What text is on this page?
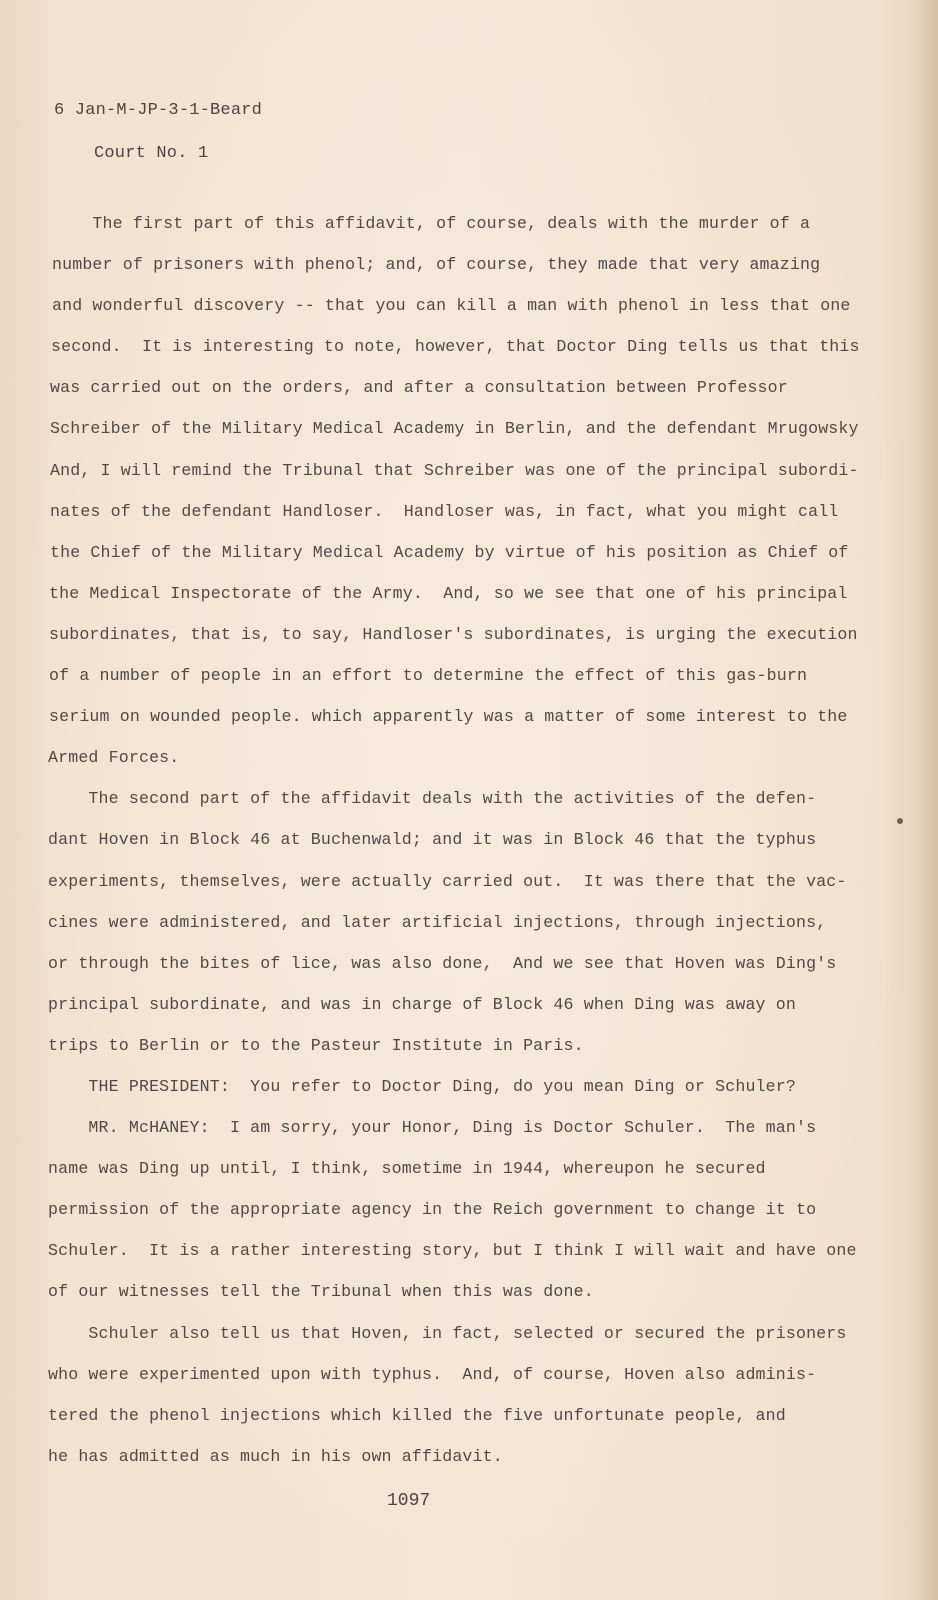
6 Jan-M-JP-3-1-Beard
Court No. 1
The first part of this affidavit, of course, deals with the murder of a
number of prisoners with phenol; and, of course, they made that very amazing
and wonderful discovery -- that you can kill a man with phenol in less that one
second.  It is interesting to note, however, that Doctor Ding tells us that this
was carried out on the orders, and after a consultation between Professor
Schreiber of the Military Medical Academy in Berlin, and the defendant Mrugowsky
And, I will remind the Tribunal that Schreiber was one of the principal subordi-
nates of the defendant Handloser.  Handloser was, in fact, what you might call
the Chief of the Military Medical Academy by virtue of his position as Chief of
the Medical Inspectorate of the Army.  And, so we see that one of his principal
subordinates, that is, to say, Handloser's subordinates, is urging the execution
of a number of people in an effort to determine the effect of this gas-burn
serium on wounded people. which apparently was a matter of some interest to the
Armed Forces.
The second part of the affidavit deals with the activities of the defen-
dant Hoven in Block 46 at Buchenwald; and it was in Block 46 that the typhus
experiments, themselves, were actually carried out.  It was there that the vac-
cines were administered, and later artificial injections, through injections,
or through the bites of lice, was also done,  And we see that Hoven was Ding's
principal subordinate, and was in charge of Block 46 when Ding was away on
trips to Berlin or to the Pasteur Institute in Paris.
THE PRESIDENT:  You refer to Doctor Ding, do you mean Ding or Schuler?
MR. McHANEY:  I am sorry, your Honor, Ding is Doctor Schuler.  The man's
name was Ding up until, I think, sometime in 1944, whereupon he secured
permission of the appropriate agency in the Reich government to change it to
Schuler.  It is a rather interesting story, but I think I will wait and have one
of our witnesses tell the Tribunal when this was done.
Schuler also tell us that Hoven, in fact, selected or secured the prisoners
who were experimented upon with typhus.  And, of course, Hoven also adminis-
tered the phenol injections which killed the five unfortunate people, and
he has admitted as much in his own affidavit.
1097
